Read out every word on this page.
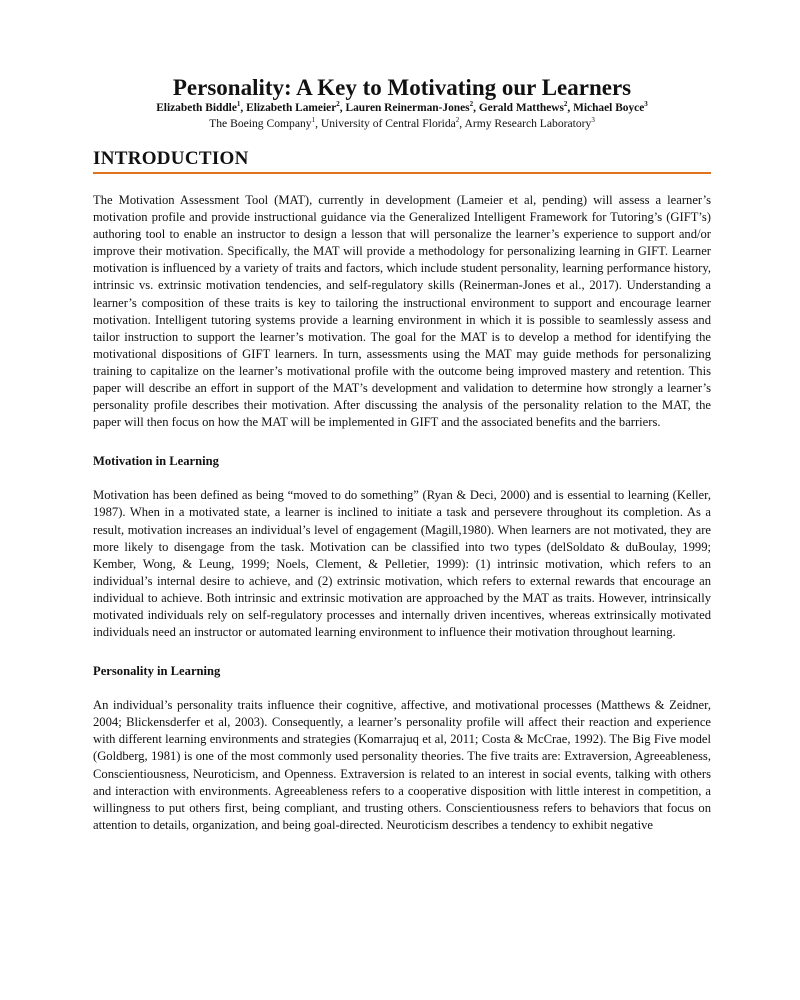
Personality: A Key to Motivating our Learners

Elizabeth Biddle$^1$, Elizabeth Lameier$^2$, Lauren Reinerman-Jones$^2$, Gerald Matthews$^2$, Michael Boyce$^3$

The Boeing Company$^1$, University of Central Florida$^2$, Army Research Laboratory$^3$

INTRODUCTION

The Motivation Assessment Tool (MAT), currently in development (Lameier et al, pending) will assess a learner’s motivation profile and provide instructional guidance via the Generalized Intelligent Framework for Tutoring’s (GIFT’s) authoring tool to enable an instructor to design a lesson that will personalize the learner’s experience to support and/or improve their motivation. Specifically, the MAT will provide a methodology for personalizing learning in GIFT. Learner motivation is influenced by a variety of traits and factors, which include student personality, learning performance history, intrinsic vs. extrinsic motivation tendencies, and self-regulatory skills (Reinerman-Jones et al., 2017). Understanding a learner’s composition of these traits is key to tailoring the instructional environment to support and encourage learner motivation. Intelligent tutoring systems provide a learning environment in which it is possible to seamlessly assess and tailor instruction to support the learner’s motivation. The goal for the MAT is to develop a method for identifying the motivational dispositions of GIFT learners. In turn, assessments using the MAT may guide methods for personalizing training to capitalize on the learner’s motivational profile with the outcome being improved mastery and retention. This paper will describe an effort in support of the MAT’s development and validation to determine how strongly a learner’s personality profile describes their motivation. After discussing the analysis of the personality relation to the MAT, the paper will then focus on how the MAT will be implemented in GIFT and the associated benefits and the barriers.

Motivation in Learning

Motivation has been defined as being “moved to do something” (Ryan & Deci, 2000) and is essential to learning (Keller, 1987). When in a motivated state, a learner is inclined to initiate a task and persevere throughout its completion. As a result, motivation increases an individual’s level of engagement (Magill,1980). When learners are not motivated, they are more likely to disengage from the task. Motivation can be classified into two types (delSoldato & duBoulay, 1999; Kember, Wong, & Leung, 1999; Noels, Clement, & Pelletier, 1999): (1) intrinsic motivation, which refers to an individual’s internal desire to achieve, and (2) extrinsic motivation, which refers to external rewards that encourage an individual to achieve. Both intrinsic and extrinsic motivation are approached by the MAT as traits. However, intrinsically motivated individuals rely on self-regulatory processes and internally driven incentives, whereas extrinsically motivated individuals need an instructor or automated learning environment to influence their motivation throughout learning.

Personality in Learning

An individual’s personality traits influence their cognitive, affective, and motivational processes (Matthews & Zeidner, 2004; Blickensderfer et al, 2003). Consequently, a learner’s personality profile will affect their reaction and experience with different learning environments and strategies (Komarrajuq et al, 2011; Costa & McCrae, 1992). The Big Five model (Goldberg, 1981) is one of the most commonly used personality theories. The five traits are: Extraversion, Agreeableness, Conscientiousness, Neuroticism, and Openness. Extraversion is related to an interest in social events, talking with others and interaction with environments. Agreeableness refers to a cooperative disposition with little interest in competition, a willingness to put others first, being compliant, and trusting others. Conscientiousness refers to behaviors that focus on attention to details, organization, and being goal-directed. Neuroticism describes a tendency to exhibit negative
